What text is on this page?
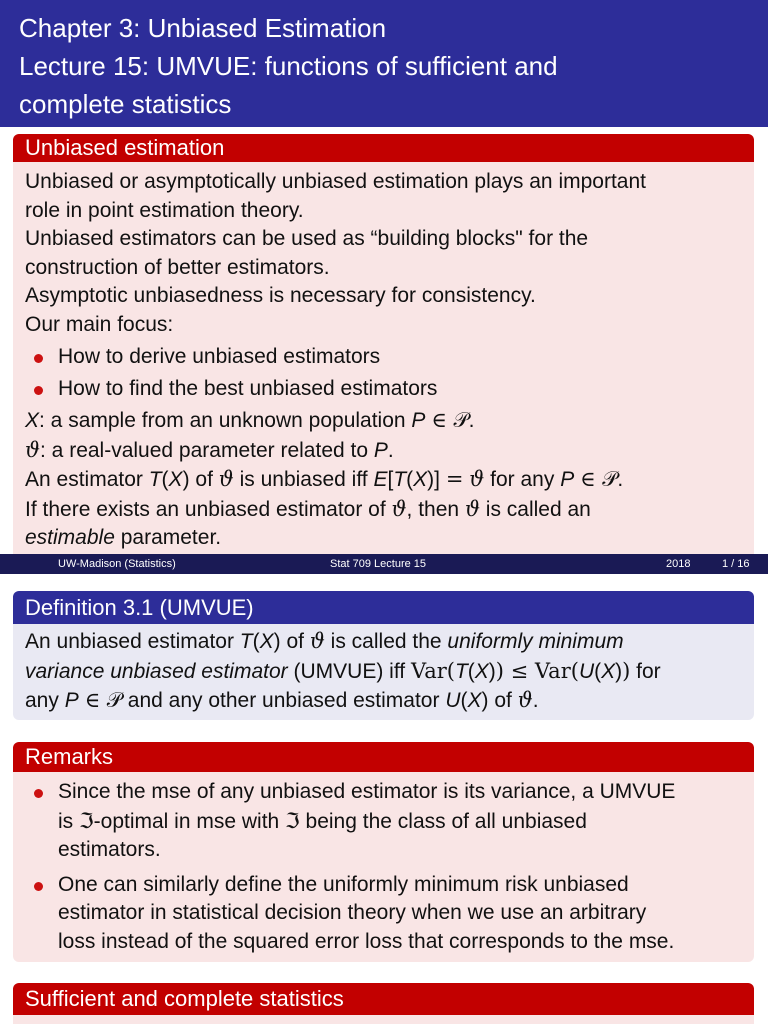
Chapter 3: Unbiased Estimation
Lecture 15: UMVUE: functions of sufficient and
complete statistics
Unbiased estimation
Unbiased or asymptotically unbiased estimation plays an important
role in point estimation theory.
Unbiased estimators can be used as “building blocks" for the
construction of better estimators.
Asymptotic unbiasedness is necessary for consistency.
Our main focus:
How to derive unbiased estimators
How to find the best unbiased estimators
X: a sample from an unknown population P ∈ 𝒫.
ϑ: a real-valued parameter related to P.
An estimator T(X) of ϑ is unbiased iff E[T(X)] = ϑ for any P ∈ 𝒫.
If there exists an unbiased estimator of ϑ, then ϑ is called an
estimable parameter.
UW-Madison (Statistics)	Stat 709 Lecture 15	2018	1 / 16
Definition 3.1 (UMVUE)
An unbiased estimator T(X) of ϑ is called the uniformly minimum
variance unbiased estimator (UMVUE) iff Var(T(X)) ≤ Var(U(X)) for
any P ∈ 𝒫 and any other unbiased estimator U(X) of ϑ.
Remarks
Since the mse of any unbiased estimator is its variance, a UMVUE
is ℑ-optimal in mse with ℑ being the class of all unbiased
estimators.
One can similarly define the uniformly minimum risk unbiased
estimator in statistical decision theory when we use an arbitrary
loss instead of the squared error loss that corresponds to the mse.
Sufficient and complete statistics
